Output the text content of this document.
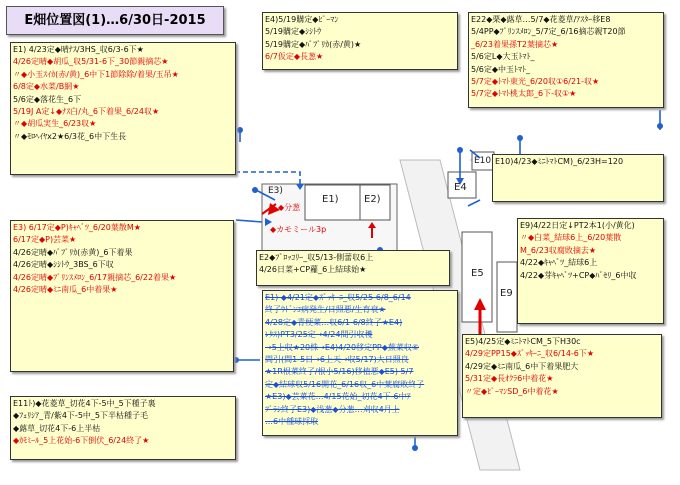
E畑位置図(1)…6/30日-2015
E3)
◆分葱
E1)	E2)
E4
E10
E5
E9
◆カモミール3p
E1) 4/23定◆晴ﾅｽ/3HS_収6/3-6下★
4/26定晴◆胡瓜_収5/31-6下_30節親摘芯★
〃◆小玉ｽｲｶ(赤/黄)_6中下1節除除/着果/玉吊★
6/8定◆水菜/B網★
5/6定◆落花生_6下
5/19J A定↓◆ﾅｽ白/丸_6下着果_6/24収★
〃◆胡瓜実生_6/23収★
〃◆ﾓﾛﾍｲﾔx2★6/3花_6中下生長
E4)5/19購定◆ﾋﾟｰﾏﾝ
5/19購定◆ｼｼﾄｳ
5/19購定◆ﾊﾟﾌﾟﾘｶ(赤/黄)★
6/7仮定◆長葱★
E22◆栗◆蕗草…5/7◆花菱草/ｱｽﾀｰ移E8
5/4PP◆ﾌﾟﾘﾝｽﾒﾛﾝ_5/7定_6/16摘芯親T20節
_6/23着果孫T2葉摘芯★
5/6定L◆大玉ﾄﾏﾄ_
5/6定◆中玉ﾄﾏﾄ_
5/7定◆ﾄﾏﾄ東光_6/20収①6/21-収★
5/7定◆ﾄﾏﾄ桃太郎_6下-収①★
E10)4/23◆ﾐﾆﾄﾏﾄCM)_6/23H=120
E3) 6/17定◆P)ｷｬﾍﾞﾂ_6/20葉散M★
6/17定◆P)芸菜★
4/26定晴◆ﾊﾟﾌﾟﾘｶ(赤黄)_6下着果
4/26定晴◆ｼｼﾄｳ_3BS_6下収
4/26定晴◆ﾌﾟﾘﾝｽﾒﾛﾝ_6/17親摘芯_6/22着果★
4/26定晴◆ﾐﾆ南瓜_6中着果★
E9)4/22日定↓PT2本1(小/黄化)
〃◆白菜_結球6上_6/20葉散
M_6/23収腐敗摘去★
4/22◆ｷｬﾍﾞﾂ_結球6上
4/22◆芽ｷｬﾍﾞﾂ+CP◆ﾊﾞｾﾘ_6中収
E2◆ﾌﾞﾛｯｺﾘｰ_収5/13-側蕾収6上
4/26日菜+CP蘿_6上結球始★
E1) ◆4/21定◆ｽﾞｯｷｰﾆ_収5/25-6/8_6/14
終了ｳﾄﾞﾝｺ病発生/日照悪/生育衰★
4/28定◆青梗菜…収6/1-6/8終了★E4)
ﾚﾀｽ)PT3/25定→4/24間引収穫
→5上収★20株→E4)4/20移定PP◆蕪菜収⑥
間引(間1-5日→6上天→収5/17)大日照良
★1R根菜終了/根小5/16)移植悪◆E5) 5/7
定◆結球収5/16開花_6/16収_6中葉腐敗終了
★E3)◆芸菜花…4/15花始_切花4下-6中ｱ
ﾌﾞﾗｼ終了E3)◆浅葱◆分葱…刈収4月上
…6中種球採取
E5)4/25定◆ﾐﾆﾄﾏﾄCM_5下H30c
4/29定PP15◆ｽﾞｯｷｰﾆ_収6/14-6下★
4/29定◆ﾐﾆ南瓜_6中下着果肥大
5/31定◆長ｵｸﾗ6中着花★
〃定◆ﾋﾟｰﾏﾝSD_6中着花★
E11ﾄ)◆花菱草_切花4下-5中_5下種子裏
◆ﾌｪﾘｼｱ_青/紫4下-5中_5下半枯種子毛
◆蕗草_切花4下-6上半枯
◆ｶﾓﾐｰﾙ_5上花始-6下倒伏_6/24終了★
